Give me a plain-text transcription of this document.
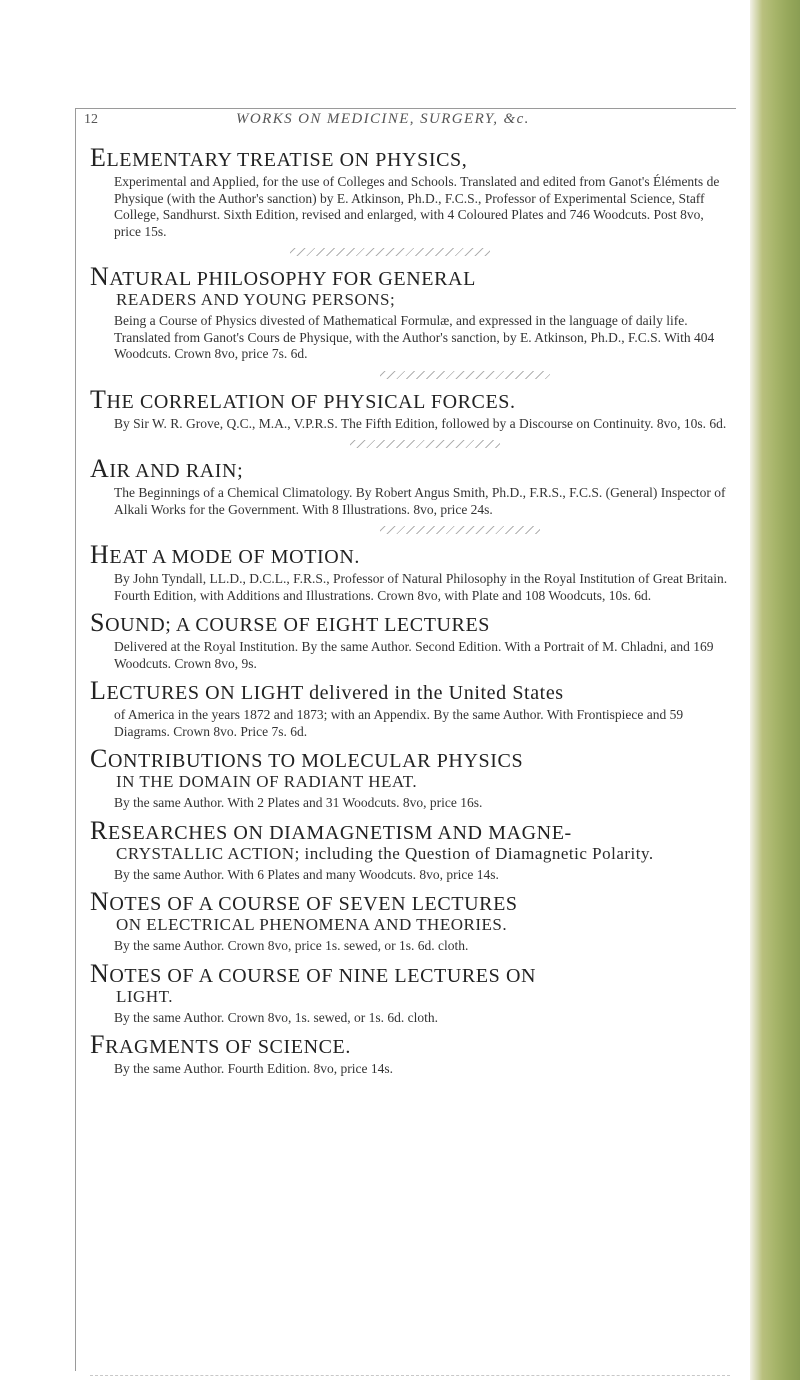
12	WORKS ON MEDICINE, SURGERY, &c.
ELEMENTARY TREATISE ON PHYSICS,

Experimental and Applied, for the use of Colleges and Schools. Translated and edited from Ganot's Éléments de Physique (with the Author's sanction) by E. Atkinson, Ph.D., F.C.S., Professor of Experimental Science, Staff College, Sandhurst. Sixth Edition, revised and enlarged, with 4 Coloured Plates and 746 Woodcuts. Post 8vo, price 15s.

NATURAL PHILOSOPHY FOR GENERAL
READERS AND YOUNG PERSONS;

Being a Course of Physics divested of Mathematical Formulæ, and expressed in the language of daily life. Translated from Ganot's Cours de Physique, with the Author's sanction, by E. Atkinson, Ph.D., F.C.S. With 404 Woodcuts. Crown 8vo, price 7s. 6d.

THE CORRELATION OF PHYSICAL FORCES.

By Sir W. R. Grove, Q.C., M.A., V.P.R.S. The Fifth Edition, followed by a Discourse on Continuity. 8vo, 10s. 6d.

AIR AND RAIN;

The Beginnings of a Chemical Climatology. By Robert Angus Smith, Ph.D., F.R.S., F.C.S. (General) Inspector of Alkali Works for the Government. With 8 Illustrations. 8vo, price 24s.

HEAT A MODE OF MOTION.

By John Tyndall, LL.D., D.C.L., F.R.S., Professor of Natural Philosophy in the Royal Institution of Great Britain. Fourth Edition, with Additions and Illustrations. Crown 8vo, with Plate and 108 Woodcuts, 10s. 6d.

SOUND; A COURSE OF EIGHT LECTURES

Delivered at the Royal Institution. By the same Author. Second Edition. With a Portrait of M. Chladni, and 169 Woodcuts. Crown 8vo, 9s.

LECTURES ON LIGHT delivered in the United States

of America in the years 1872 and 1873; with an Appendix. By the same Author. With Frontispiece and 59 Diagrams. Crown 8vo. Price 7s. 6d.

CONTRIBUTIONS TO MOLECULAR PHYSICS
IN THE DOMAIN OF RADIANT HEAT.

By the same Author. With 2 Plates and 31 Woodcuts. 8vo, price 16s.

RESEARCHES ON DIAMAGNETISM AND MAGNE-
CRYSTALLIC ACTION; including the Question of Diamagnetic Polarity.

By the same Author. With 6 Plates and many Woodcuts. 8vo, price 14s.

NOTES OF A COURSE OF SEVEN LECTURES
ON ELECTRICAL PHENOMENA AND THEORIES.

By the same Author. Crown 8vo, price 1s. sewed, or 1s. 6d. cloth.

NOTES OF A COURSE OF NINE LECTURES ON
LIGHT.

By the same Author. Crown 8vo, 1s. sewed, or 1s. 6d. cloth.

FRAGMENTS OF SCIENCE.

By the same Author. Fourth Edition. 8vo, price 14s.
